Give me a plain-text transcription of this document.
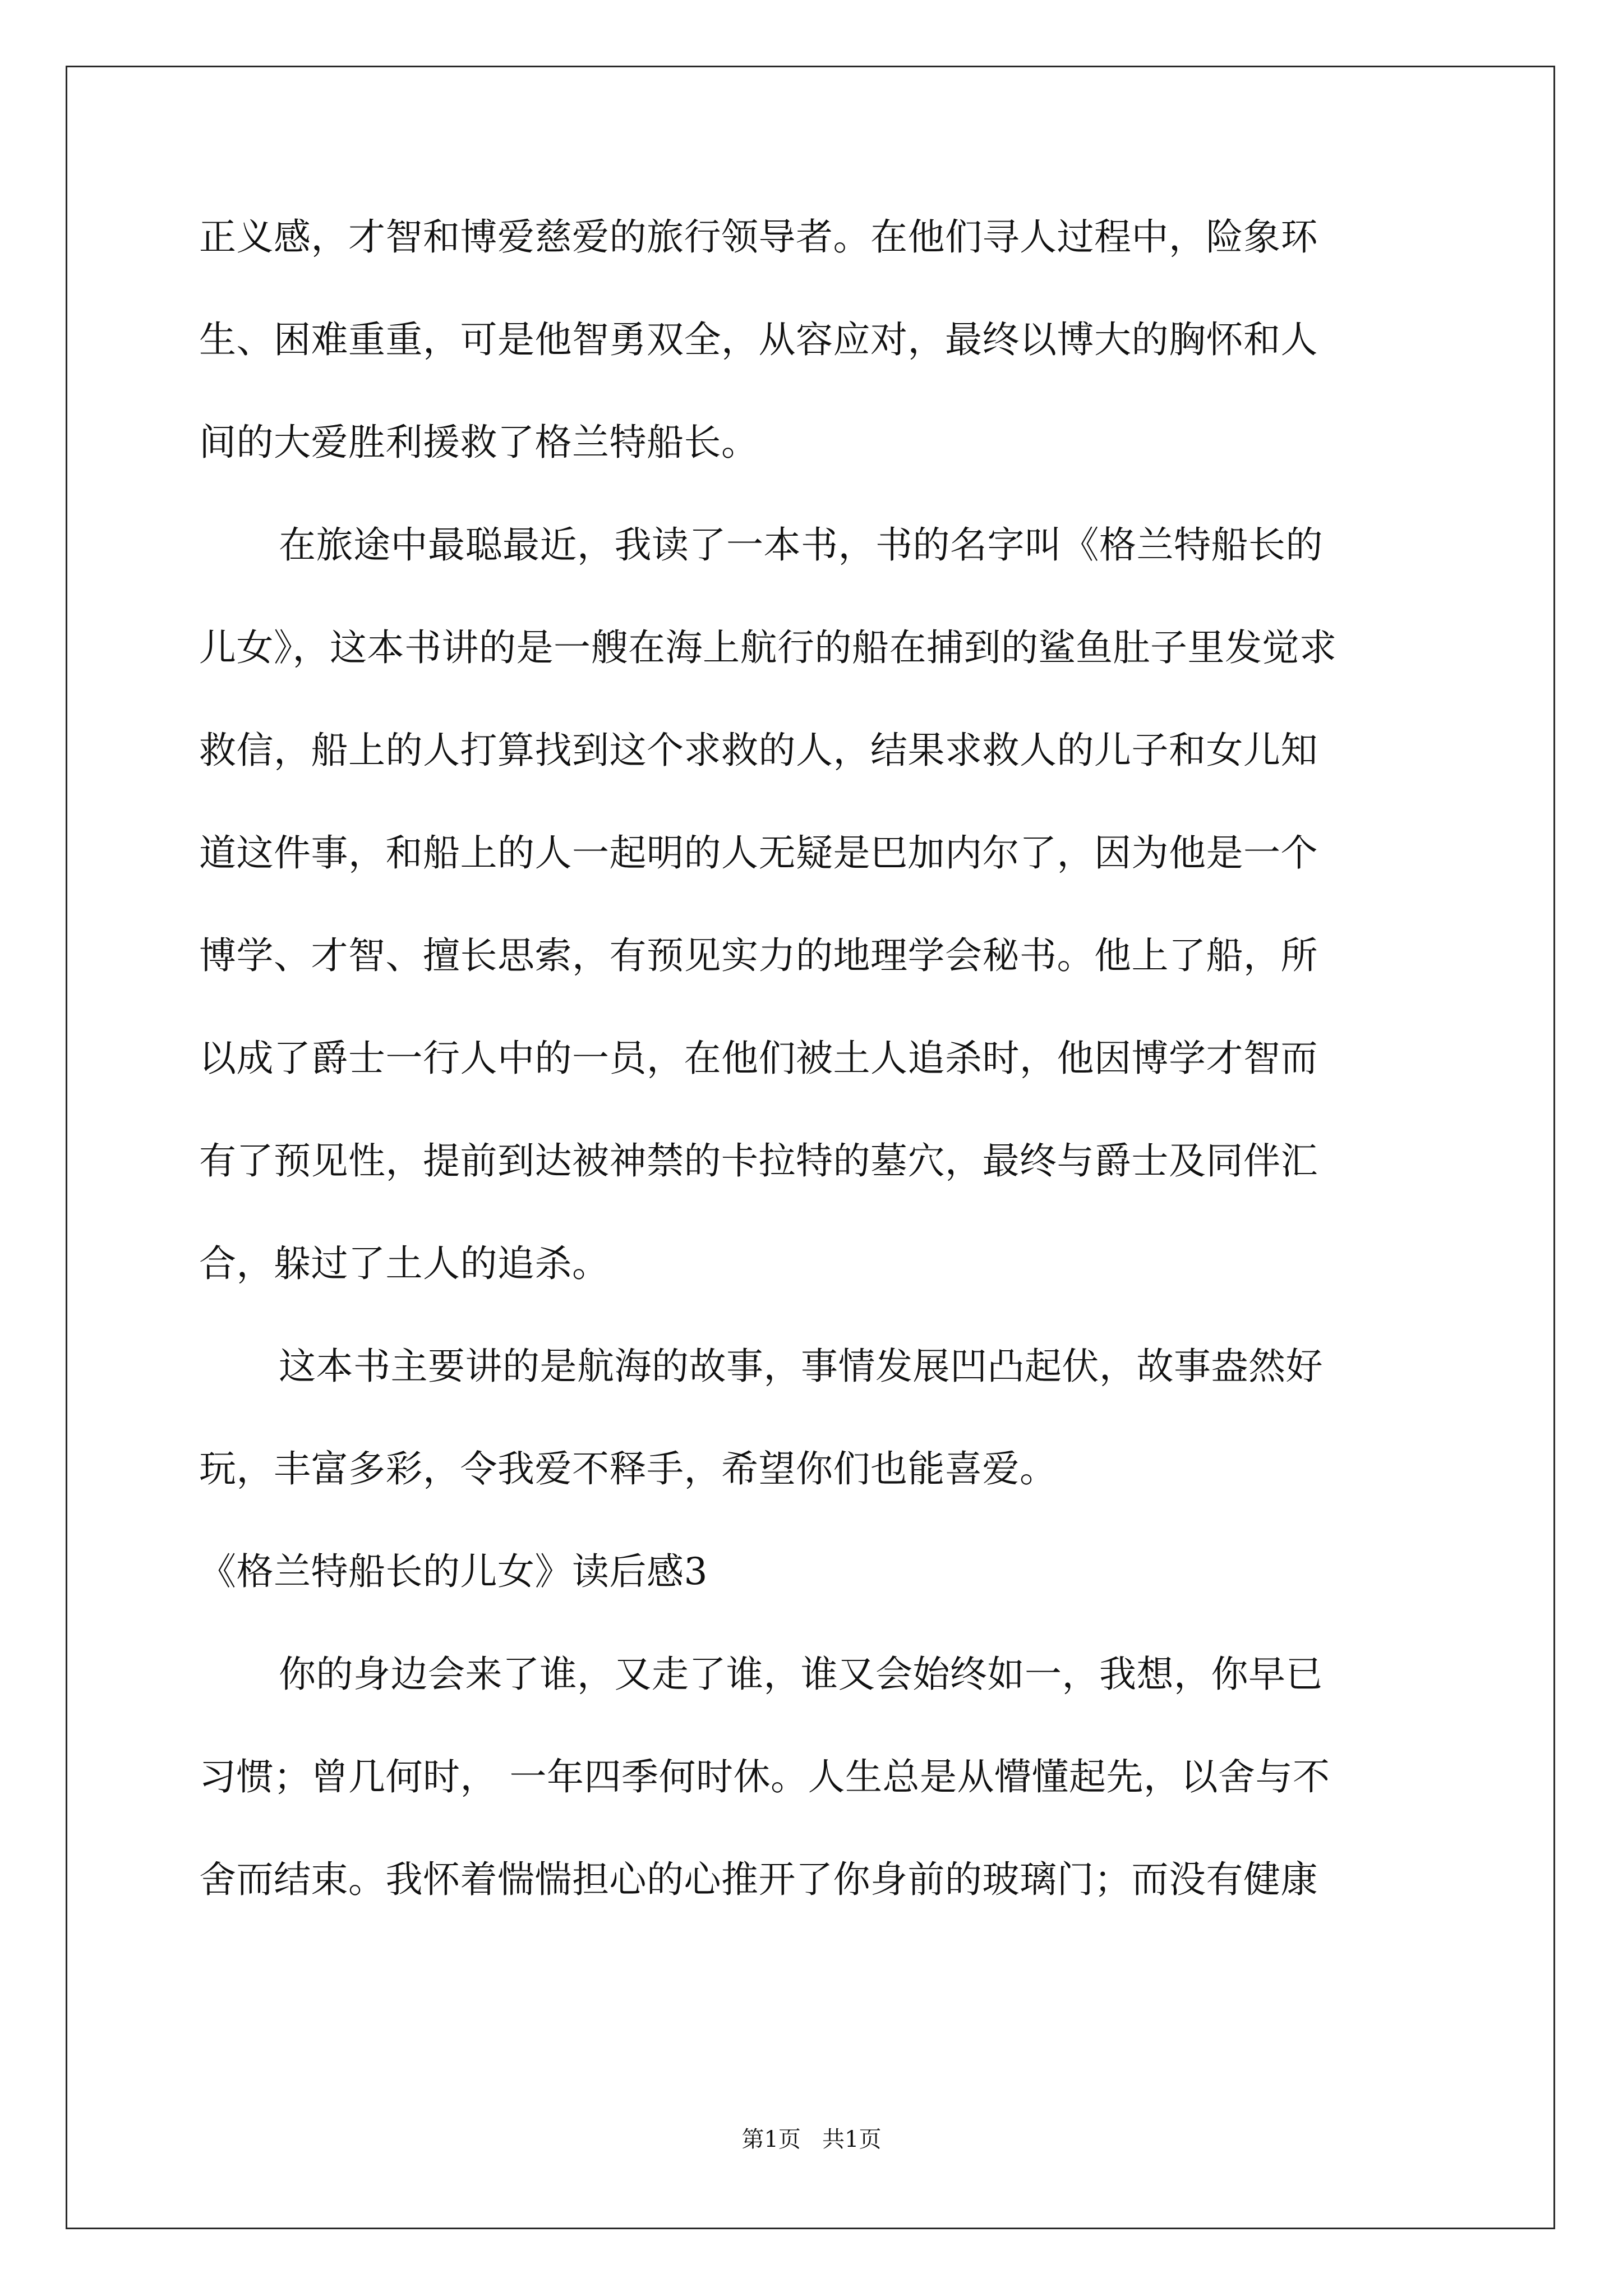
正义感，才智和博爱慈爱的旅行领导者。在他们寻人过程中，险象环
生、困难重重，可是他智勇双全，从容应对，最终以博大的胸怀和人
间的大爱胜利援救了格兰特船长。
在旅途中最聪最近，我读了一本书，书的名字叫《格兰特船长的
儿女》，这本书讲的是一艘在海上航行的船在捕到的鲨鱼肚子里发觉求
救信，船上的人打算找到这个求救的人，结果求救人的儿子和女儿知
道这件事，和船上的人一起明的人无疑是巴加内尔了，因为他是一个
博学、才智、擅长思索，有预见实力的地理学会秘书。他上了船，所
以成了爵士一行人中的一员，在他们被土人追杀时，他因博学才智而
有了预见性，提前到达被神禁的卡拉特的墓穴，最终与爵士及同伴汇
合，躲过了土人的追杀。
这本书主要讲的是航海的故事，事情发展凹凸起伏，故事盎然好
玩，丰富多彩，令我爱不释手，希望你们也能喜爱。
《格兰特船长的儿女》读后感3
你的身边会来了谁，又走了谁，谁又会始终如一，我想，你早已
习惯；曾几何时， 一年四季何时休。人生总是从懵懂起先，以舍与不
舍而结束。我怀着惴惴担心的心推开了你身前的玻璃门；而没有健康
第1页   共1页
